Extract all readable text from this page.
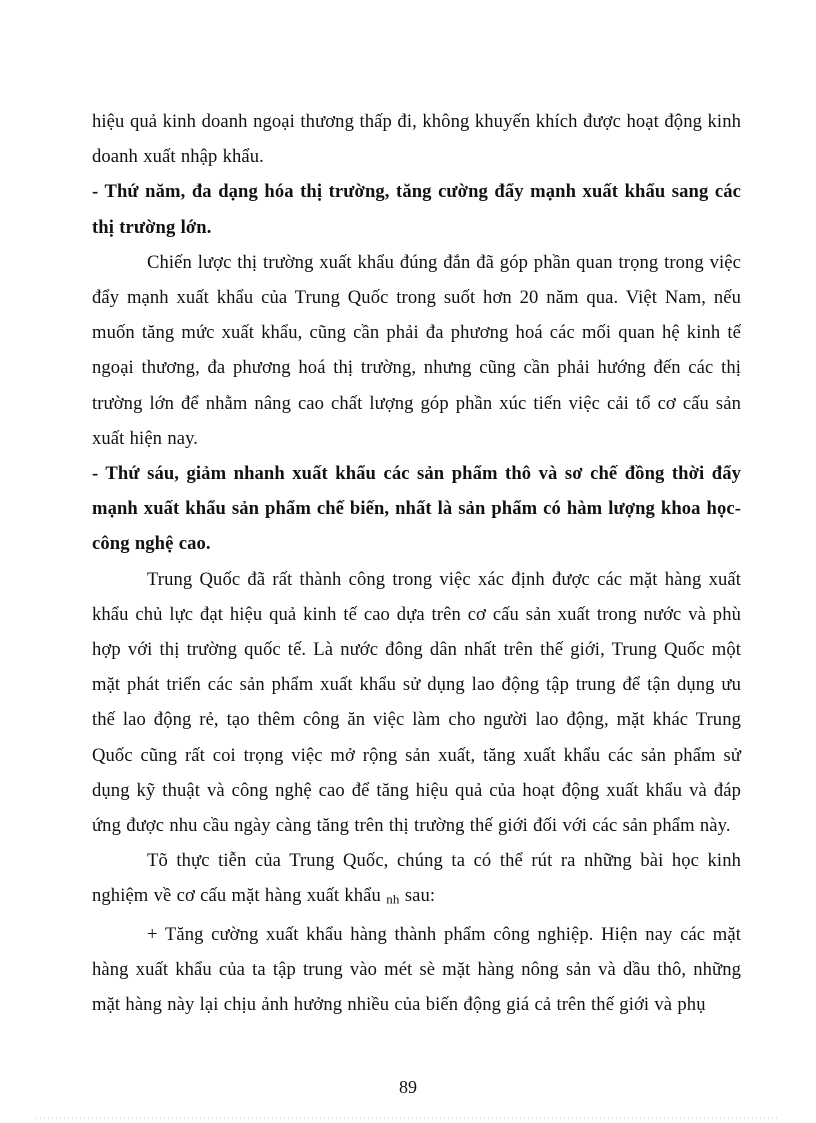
hiệu quả kinh doanh ngoại thương thấp đi, không khuyến khích được hoạt động kinh doanh xuất nhập khẩu.

- Thứ năm, đa dạng hóa thị trường, tăng cường đẩy mạnh xuất khẩu sang các thị trường lớn.

Chiến lược thị trường xuất khẩu đúng đắn đã góp phần quan trọng trong việc đẩy mạnh xuất khẩu của Trung Quốc trong suốt hơn 20 năm qua. Việt Nam, nếu muốn tăng mức xuất khẩu, cũng cần phải đa phương hoá các mối quan hệ kinh tế ngoại thương, đa phương hoá thị trường, nhưng cũng cần phải hướng đến các thị trường lớn để nhằm nâng cao chất lượng góp phần xúc tiến việc cải tổ cơ cấu sản xuất hiện nay.

- Thứ sáu, giảm nhanh xuất khẩu các sản phẩm thô và sơ chế đồng thời đẩy mạnh xuất khẩu sản phẩm chế biến, nhất là sản phẩm có hàm lượng khoa học- công nghệ cao.

Trung Quốc đã rất thành công trong việc xác định được các mặt hàng xuất khẩu chủ lực đạt hiệu quả kinh tế cao dựa trên cơ cấu sản xuất trong nước và phù hợp với thị trường quốc tế. Là nước đông dân nhất trên thế giới, Trung Quốc một mặt phát triển các sản phẩm xuất khẩu sử dụng lao động tập trung để tận dụng ưu thế lao động rẻ, tạo thêm công ăn việc làm cho người lao động, mặt khác Trung Quốc cũng rất coi trọng việc mở rộng sản xuất, tăng xuất khẩu các sản phẩm sử dụng kỹ thuật và công nghệ cao để tăng hiệu quả của hoạt động xuất khẩu và đáp ứng được nhu cầu ngày càng tăng trên thị trường thế giới đối với các sản phẩm này.

Tõ thực tiễn của Trung Quốc, chúng ta có thể rút ra những bài học kinh nghiệm về cơ cấu mặt hàng xuất khẩu nh sau:

+ Tăng cường xuất khẩu hàng thành phẩm công nghiệp. Hiện nay các mặt hàng xuất khẩu của ta tập trung vào mét sè mặt hàng nông sản và dầu thô, những mặt hàng này lại chịu ảnh hưởng nhiều của biến động giá cả trên thế giới và phụ

89
